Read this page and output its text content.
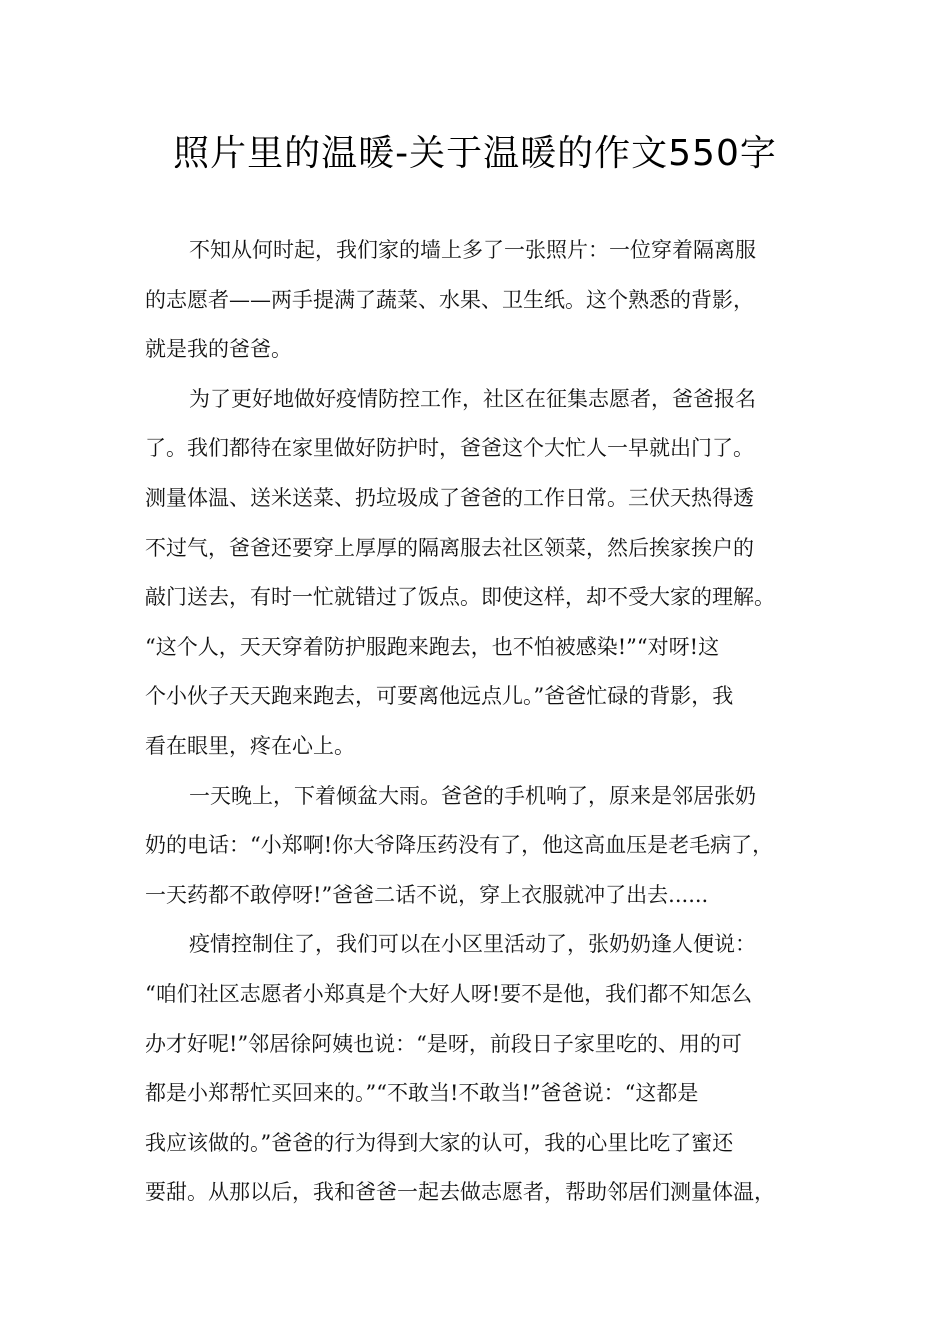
照片里的温暖-关于温暖的作文550字

不知从何时起，我们家的墙上多了一张照片：一位穿着隔离服
的志愿者——两手提满了蔬菜、水果、卫生纸。这个熟悉的背影，
就是我的爸爸。

为了更好地做好疫情防控工作，社区在征集志愿者，爸爸报名
了。我们都待在家里做好防护时，爸爸这个大忙人一早就出门了。
测量体温、送米送菜、扔垃圾成了爸爸的工作日常。三伏天热得透
不过气，爸爸还要穿上厚厚的隔离服去社区领菜，然后挨家挨户的
敲门送去，有时一忙就错过了饭点。即使这样，却不受大家的理解。
“这个人，天天穿着防护服跑来跑去，也不怕被感染!”“对呀!这
个小伙子天天跑来跑去，可要离他远点儿。”爸爸忙碌的背影，我
看在眼里，疼在心上。

一天晚上，下着倾盆大雨。爸爸的手机响了，原来是邻居张奶
奶的电话：“小郑啊!你大爷降压药没有了，他这高血压是老毛病了，
一天药都不敢停呀!”爸爸二话不说，穿上衣服就冲了出去......

疫情控制住了，我们可以在小区里活动了，张奶奶逢人便说：
“咱们社区志愿者小郑真是个大好人呀!要不是他，我们都不知怎么
办才好呢!”邻居徐阿姨也说：“是呀，前段日子家里吃的、用的可
都是小郑帮忙买回来的。”“不敢当!不敢当!”爸爸说：“这都是
我应该做的。”爸爸的行为得到大家的认可，我的心里比吃了蜜还
要甜。从那以后，我和爸爸一起去做志愿者，帮助邻居们测量体温，
